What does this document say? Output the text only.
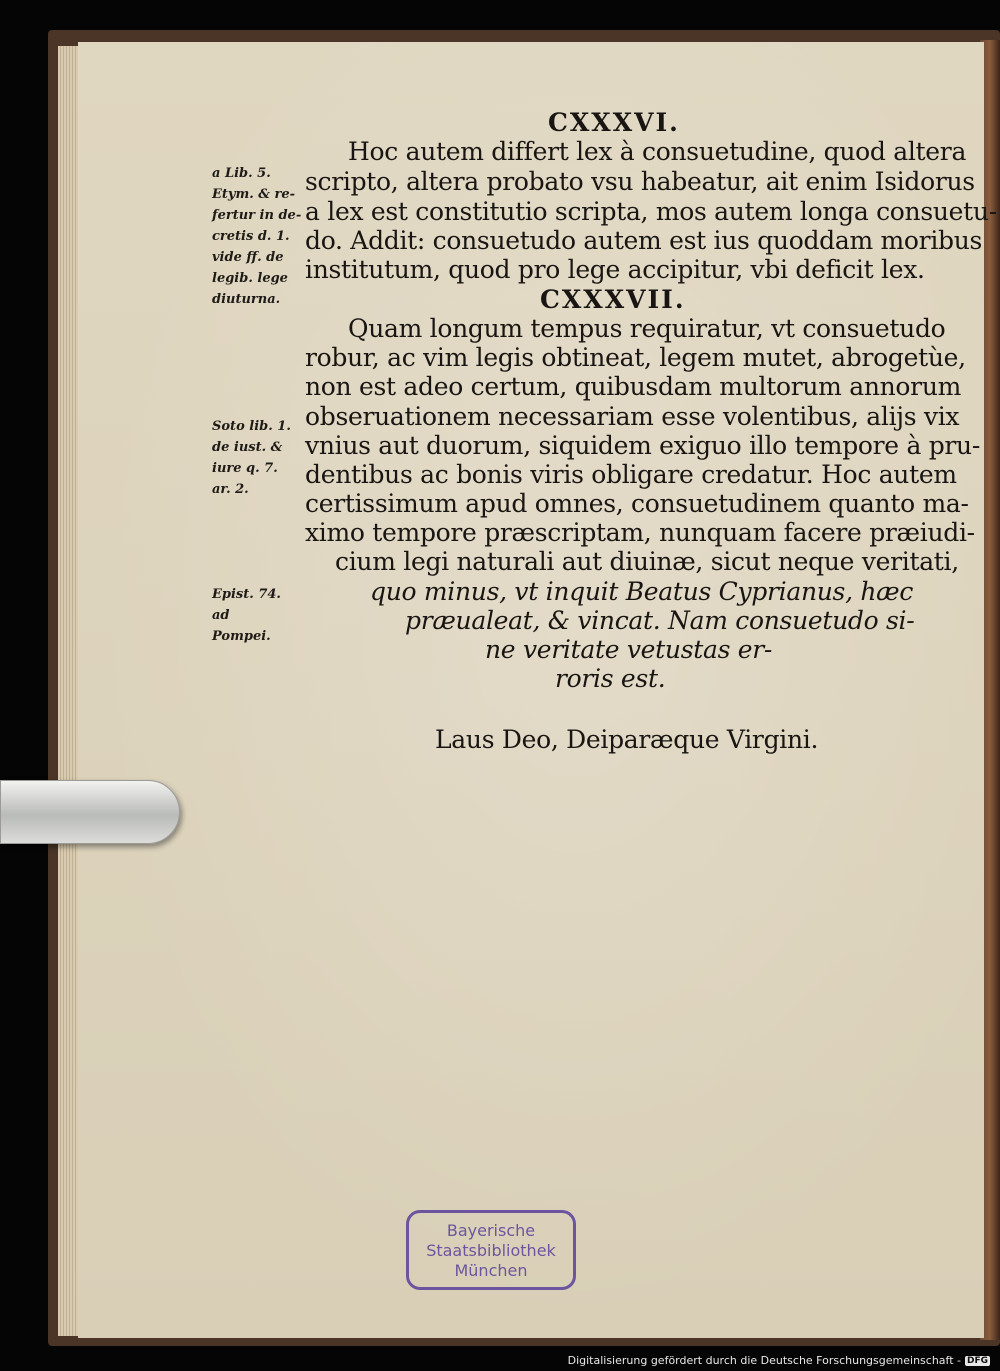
CXXXVI.
Hoc autem differt lex à consuetudine, quod altera
scripto, altera probato vsu habeatur, ait enim Isidorus
a lex est constitutio scripta, mos autem longa consuetu-
do. Addit: consuetudo autem est ius quoddam moribus
institutum, quod pro lege accipitur, vbi deficit lex.
CXXXVII.
Quam longum tempus requiratur, vt consuetudo
robur, ac vim legis obtineat, legem mutet, abrogetùe,
non est adeo certum, quibusdam multorum annorum
obseruationem necessariam esse volentibus, alijs vix
vnius aut duorum, siquidem exiguo illo tempore à pru-
dentibus ac bonis viris obligare credatur. Hoc autem
certissimum apud omnes, consuetudinem quanto ma-
ximo tempore præscriptam, nunquam facere præiudi-
cium legi naturali aut diuinæ, sicut neque veritati,
quo minus, vt inquit Beatus Cyprianus, hæc
præualeat, & vincat. Nam consuetudo si-
ne veritate vetustas er-
roris est.
Laus Deo, Deiparæque Virgini.
a Lib. 5.
Etym. & re-
fertur in de-
cretis d. 1.
vide ff. de
legib. lege
diuturna.
Soto lib. 1.
de iust. &
iure q. 7.
ar. 2.
Epist. 74. ad
Pompei.
Bayerische
Staatsbibliothek
München
Digitalisierung gefördert durch die Deutsche Forschungsgemeinschaft - DFG
